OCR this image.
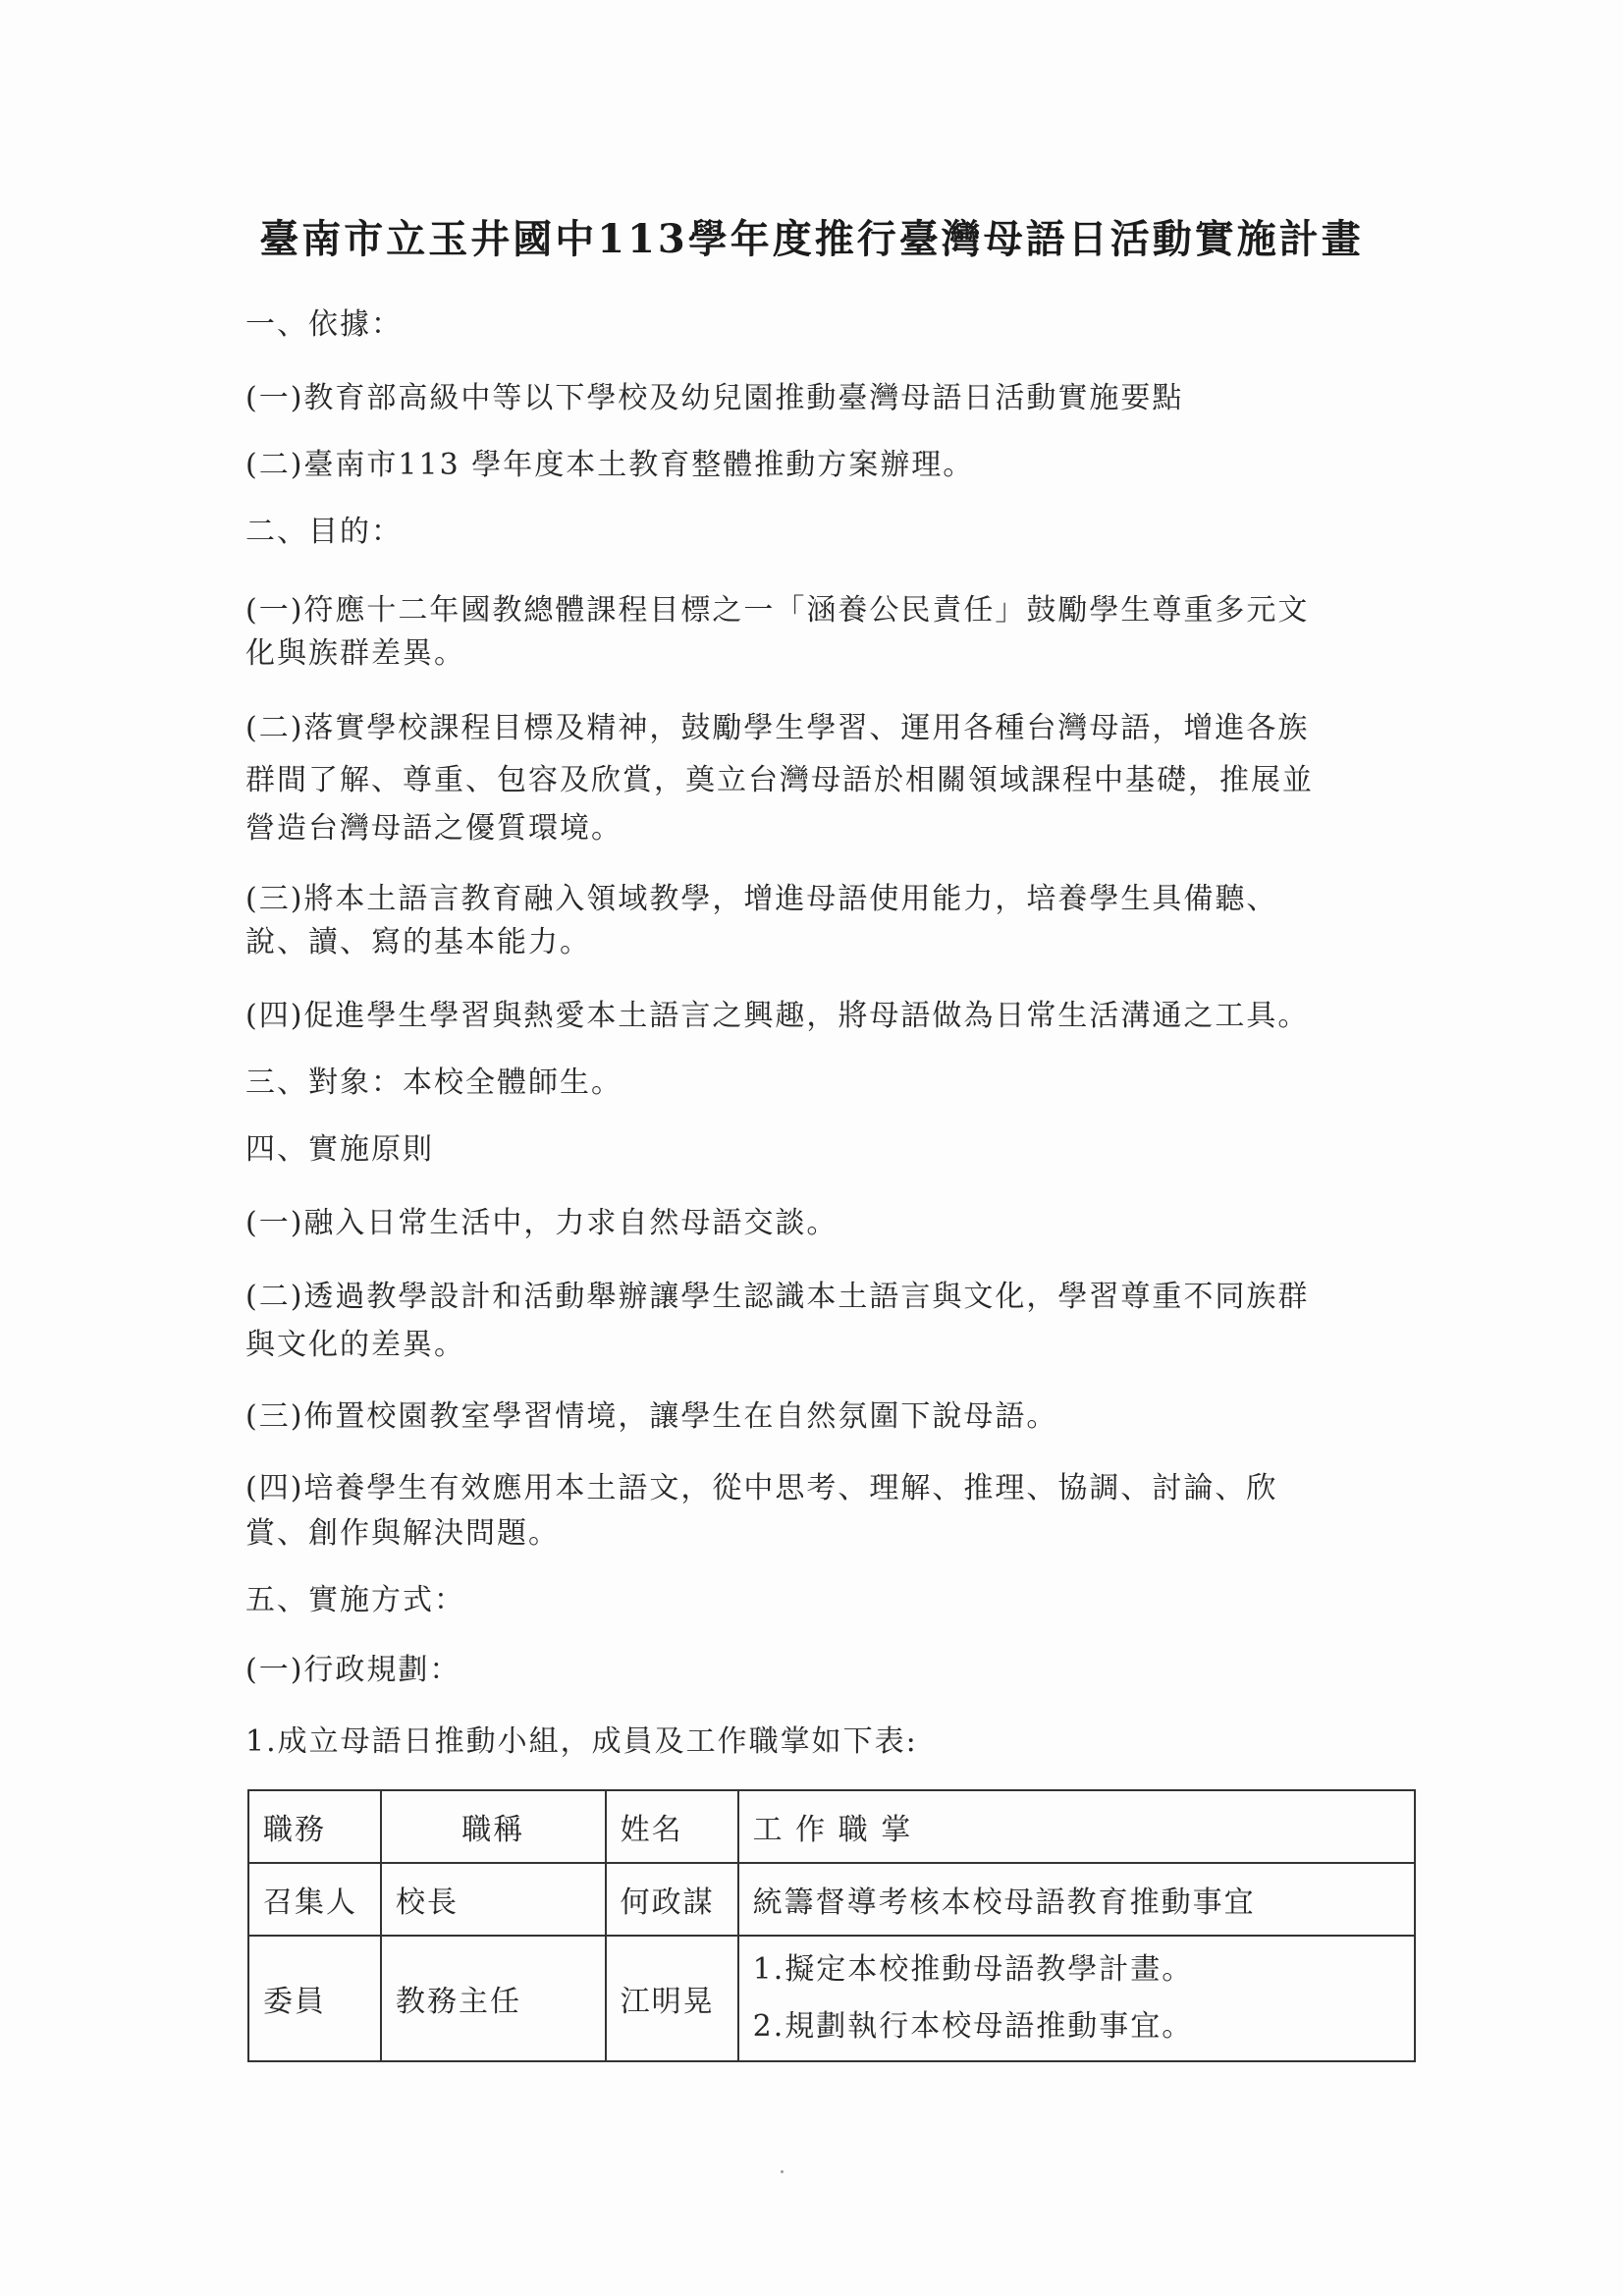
臺南市立玉井國中113學年度推行臺灣母語日活動實施計畫
一、依據：
(一)教育部高級中等以下學校及幼兒園推動臺灣母語日活動實施要點
(二)臺南市113 學年度本土教育整體推動方案辦理。
二、目的：
(一)符應十二年國教總體課程目標之一「涵養公民責任」鼓勵學生尊重多元文
化與族群差異。
(二)落實學校課程目標及精神，鼓勵學生學習、運用各種台灣母語，增進各族
群間了解、尊重、包容及欣賞，奠立台灣母語於相關領域課程中基礎，推展並
營造台灣母語之優質環境。
(三)將本土語言教育融入領域教學，增進母語使用能力，培養學生具備聽、
說、讀、寫的基本能力。
(四)促進學生學習與熱愛本土語言之興趣，將母語做為日常生活溝通之工具。
三、對象：本校全體師生。
四、實施原則
(一)融入日常生活中，力求自然母語交談。
(二)透過教學設計和活動舉辦讓學生認識本土語言與文化，學習尊重不同族群
與文化的差異。
(三)佈置校園教室學習情境，讓學生在自然氛圍下說母語。
(四)培養學生有效應用本土語文，從中思考、理解、推理、協調、討論、欣
賞、創作與解決問題。
五、實施方式：
(一)行政規劃：
1.成立母語日推動小組，成員及工作職掌如下表:
職務	職稱	姓名	工 作 職 掌
召集人	校長	何政謀	統籌督導考核本校母語教育推動事宜

委員	教務主任	江明晃	1.擬定本校推動母語教學計畫。
2.規劃執行本校母語推動事宜。
